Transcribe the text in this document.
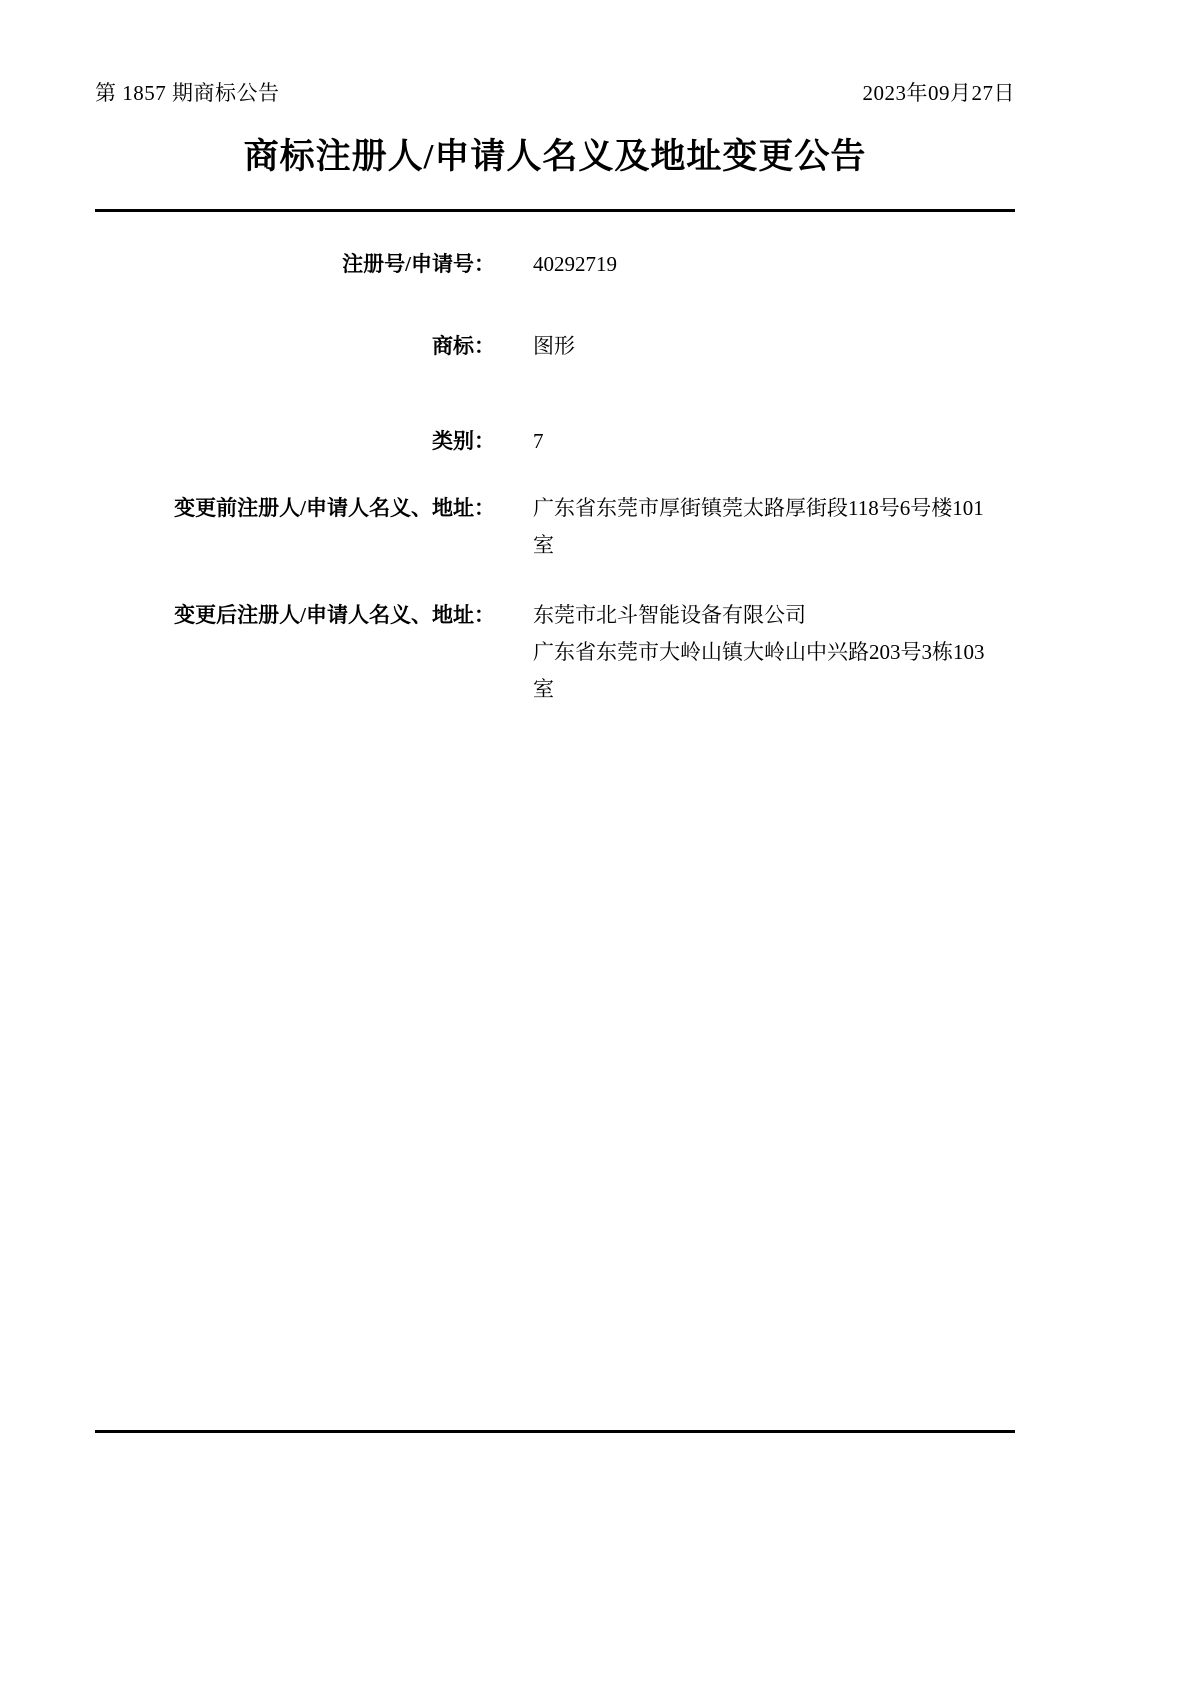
第 1857 期商标公告	2023年09月27日
商标注册人/申请人名义及地址变更公告
注册号/申请号：	40292719
商标：	图形
类别：	7
变更前注册人/申请人名义、地址： 广东省东莞市厚街镇莞太路厚街段118号6号楼101
室
变更后注册人/申请人名义、地址： 东莞市北斗智能设备有限公司
广东省东莞市大岭山镇大岭山中兴路203号3栋103
室
